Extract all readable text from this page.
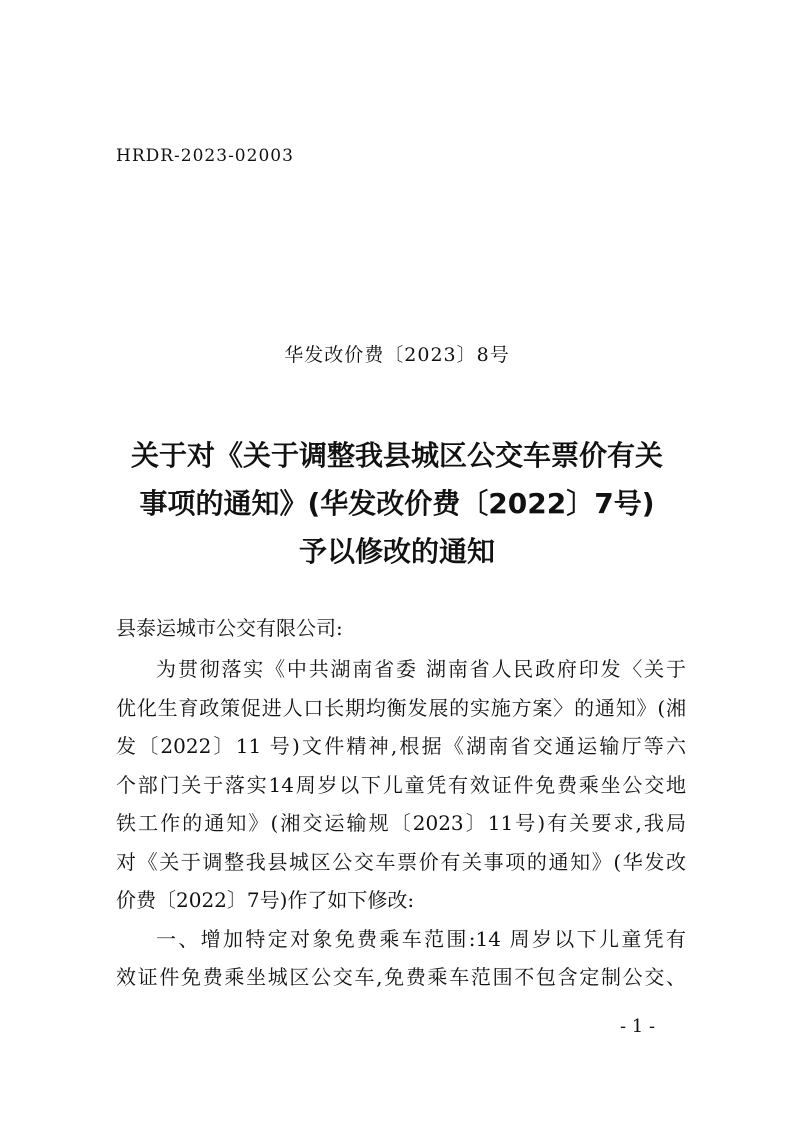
HRDR-2023-02003
华发改价费〔2023〕8号
关于对《关于调整我县城区公交车票价有关
事项的通知》(华发改价费〔2022〕7号)
予以修改的通知
县泰运城市公交有限公司:
为贯彻落实《中共湖南省委 湖南省人民政府印发〈关于
优化生育政策促进人口长期均衡发展的实施方案〉的通知》(湘
发〔2022〕11 号)文件精神,根据《湖南省交通运输厅等六
个部门关于落实14周岁以下儿童凭有效证件免费乘坐公交地
铁工作的通知》(湘交运输规〔2023〕11号)有关要求,我局
对《关于调整我县城区公交车票价有关事项的通知》(华发改
价费〔2022〕7号)作了如下修改:
一、增加特定对象免费乘车范围:14 周岁以下儿童凭有
效证件免费乘坐城区公交车,免费乘车范围不包含定制公交、
- 1 -
